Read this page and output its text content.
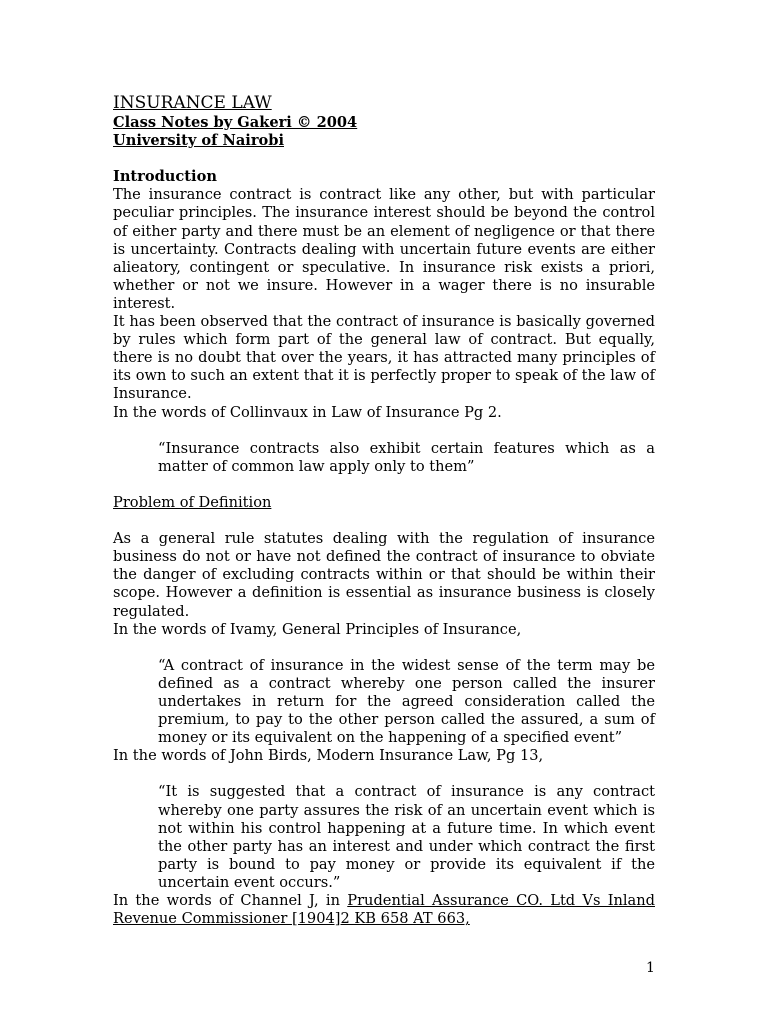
INSURANCE LAW

Class Notes by Gakeri © 2004

University of Nairobi

Introduction

The insurance contract is contract like any other, but with particular peculiar principles. The insurance interest should be beyond the control of either party and there must be an element of negligence or that there is uncertainty. Contracts dealing with uncertain future events are either alieatory, contingent or speculative. In insurance risk exists a priori, whether or not we insure. However in a wager there is no insurable interest.

It has been observed that the contract of insurance is basically governed by rules which form part of the general law of contract. But equally, there is no doubt that over the years, it has attracted many principles of its own to such an extent that it is perfectly proper to speak of the law of Insurance.

In the words of Collinvaux in Law of Insurance Pg 2.

“Insurance contracts also exhibit certain features which as a matter of common law apply only to them”

Problem of Definition

As a general rule statutes dealing with the regulation of insurance business do not or have not defined the contract of insurance to obviate the danger of excluding contracts within or that should be within their scope. However a definition is essential as insurance business is closely regulated.

In the words of Ivamy, General Principles of Insurance,

“A contract of insurance in the widest sense of the term may be defined as a contract whereby one person called the insurer undertakes in return for the agreed consideration called the premium, to pay to the other person called the assured, a sum of money or its equivalent on the happening of a specified event”

In the words of John Birds, Modern Insurance Law, Pg 13,

“It is suggested that a contract of insurance is any contract whereby one party assures the risk of an uncertain event which is not within his control happening at a future time. In which event the other party has an interest and under which contract the first party is bound to pay money or provide its equivalent if the uncertain event occurs.”

In the words of Channel J, in Prudential Assurance CO. Ltd Vs Inland Revenue Commissioner [1904]2 KB 658 AT 663,

1
